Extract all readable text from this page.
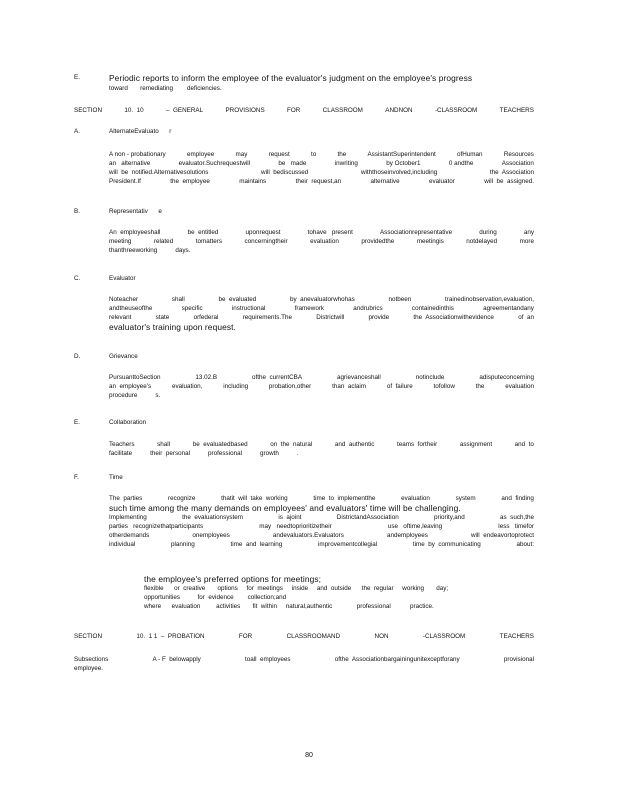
E.	Periodic reports to inform the employee of the evaluator's judgment on the employee's progress
toward       remediating        deficiencies.
SECTION	10.  10	–  GENERAL	PROVISIONS	FOR	CLASSROOM	ANDNON	-CLASSROOM	TEACHERS
A.	AlternateEvaluato      r
A non - probationary	employee	may	request	to	the	AssistantSuperintendent	ofHuman	Resources
an   alternative	evaluator.Suchrequestwill	be   made	inwriting	by October1	0 andthe	Association
will  be  notified.Alternativesolutions	will  bediscussed	withthoseinvolved,including	the  Association
President.If	the  employee	maintains	their  request,an	alternative	evaluator	will  be  assigned.
B.	Representativ      e
An  employeeshall	be  entitled	uponrequest	tohave   present	Associationrepresentative	during	any
meeting	related	tomatters	concerningtheir	evaluation	providedthe	meetingis	notdelayed	more
thanthreeworking	days.
C.	Evaluator
Noteacher	shall	be  evaluated	by  anevaluatorwhohas	notbeen	trainedinobservation,evaluation,
andtheuseofthe	specific	instructional	framework	andrubrics	containedinthis	agreementandany
relevant	state	orfederal	requirements.The	Districtwill	provide	the  Associationwithevidence	of  an
evaluator's training upon request.
D.	Grievance
PursuanttoSection	13.02.B	ofthe  currentCBA	agrievanceshall	notinclude	adisputeconcerning
an  employee's	evaluation,	including	probation,other	than  aclaim	of  failure	tofollow	the	evaluation
procedure	s.
E.	Collaboration
Teachers	shall	be  evaluatedbased	on  the  natural	and  authentic	teams  fortheir	assignment	and  to
facilitate	their  personal	professional	growth	.
F.	Time
The  parties	recognize	thatit  will  take  working	time  to  implementthe	evaluation	system	and  finding
such time among the many demands on employees' and evaluators' time will be challenging.
Implementing	the  evaluationsystem	is  ajoint	DistrictandAssociation	priority,and	as  such,the
parties   recognizethatparticipants	may   needtoprioritizetheir	use   oftime,leaving	less   timefor
otherdemands	onemployees	andevaluators.Evaluators	andemployees	will  endeavortoprotect
individual	planning	time  and  learning	improvementcollegial	time  by  communicating	about:
the employee's preferred options for meetings;
flexible      or  creative       options     for  meetings     inside     and  outside      the  regular     working       day;
opportunities          for  evidence        collection;and
where      evaluation         activities       fit  within     natural,authentic              professional           practice.
SECTION	10.  1 1  –  PROBATION	FOR	CLASSROOMAND	NON	-CLASSROOM	TEACHERS
Subsections	A - F  belowapply	toall  employees	ofthe  Associationbargainingunitexceptforany	provisional
employee.
80
